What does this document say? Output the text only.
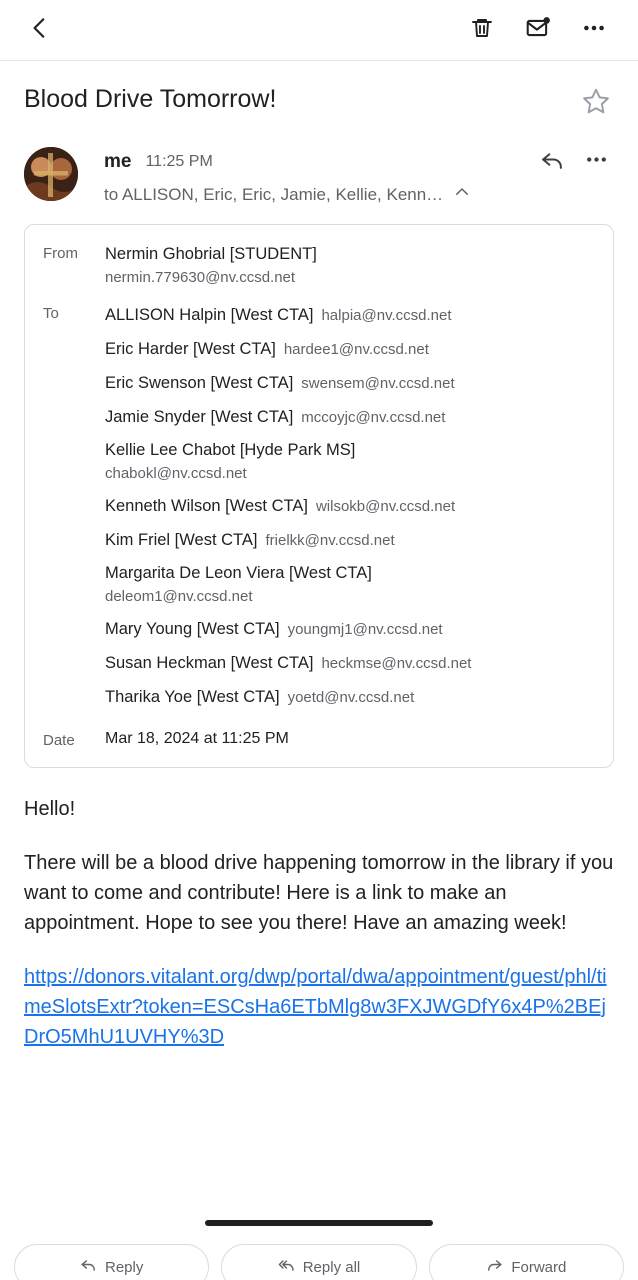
Blood Drive Tomorrow!
me 11:25 PM
to ALLISON, Eric, Eric, Jamie, Kellie, Kenn…
From	Nermin Ghobrial [STUDENT]
nermin.779630@nv.ccsd.net
To	ALLISON Halpin [West CTA] halpia@nv.ccsd.net
Eric Harder [West CTA] hardee1@nv.ccsd.net
Eric Swenson [West CTA] swensem@nv.ccsd.net
Jamie Snyder [West CTA] mccoyjc@nv.ccsd.net
Kellie Lee Chabot [Hyde Park MS]
chabokl@nv.ccsd.net
Kenneth Wilson [West CTA] wilsokb@nv.ccsd.net
Kim Friel [West CTA] frielkk@nv.ccsd.net
Margarita De Leon Viera [West CTA]
deleom1@nv.ccsd.net
Mary Young [West CTA] youngmj1@nv.ccsd.net
Susan Heckman [West CTA] heckmse@nv.ccsd.net
Tharika Yoe [West CTA] yoetd@nv.ccsd.net
Date	Mar 18, 2024 at 11:25 PM
Hello!
There will be a blood drive happening tomorrow in the library if you want to come and contribute! Here is a link to make an appointment. Hope to see you there! Have an amazing week!
https://donors.vitalant.org/dwp/portal/dwa/appointment/guest/phl/timeSlotsExtr?token=ESCsHa6ETbMlg8w3FXJWGDfY6x4P%2BEjDrO5MhU1UVHY%3D
Reply	Reply all	Forward
